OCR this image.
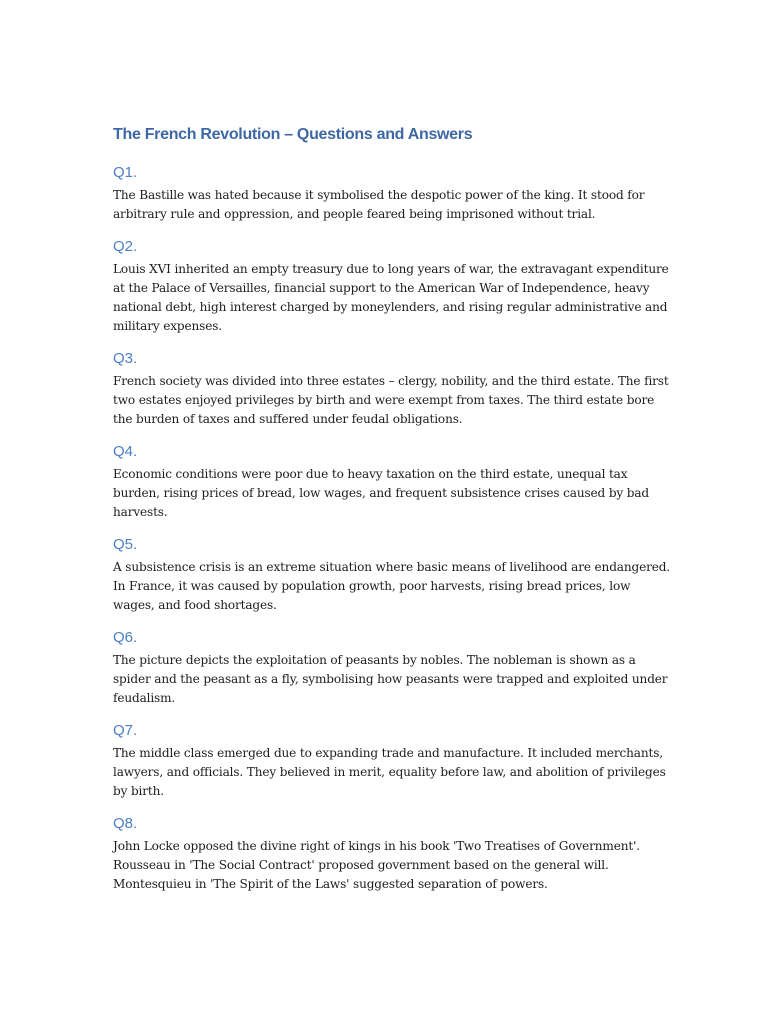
The French Revolution – Questions and Answers
Q1.

The Bastille was hated because it symbolised the despotic power of the king. It stood for arbitrary rule and oppression, and people feared being imprisoned without trial.

Q2.

Louis XVI inherited an empty treasury due to long years of war, the extravagant expenditure at the Palace of Versailles, financial support to the American War of Independence, heavy national debt, high interest charged by moneylenders, and rising regular administrative and military expenses.

Q3.

French society was divided into three estates – clergy, nobility, and the third estate. The first two estates enjoyed privileges by birth and were exempt from taxes. The third estate bore the burden of taxes and suffered under feudal obligations.

Q4.

Economic conditions were poor due to heavy taxation on the third estate, unequal tax burden, rising prices of bread, low wages, and frequent subsistence crises caused by bad harvests.

Q5.

A subsistence crisis is an extreme situation where basic means of livelihood are endangered. In France, it was caused by population growth, poor harvests, rising bread prices, low wages, and food shortages.

Q6.

The picture depicts the exploitation of peasants by nobles. The nobleman is shown as a spider and the peasant as a fly, symbolising how peasants were trapped and exploited under feudalism.

Q7.

The middle class emerged due to expanding trade and manufacture. It included merchants, lawyers, and officials. They believed in merit, equality before law, and abolition of privileges by birth.

Q8.

John Locke opposed the divine right of kings in his book 'Two Treatises of Government'. Rousseau in 'The Social Contract' proposed government based on the general will. Montesquieu in 'The Spirit of the Laws' suggested separation of powers.
